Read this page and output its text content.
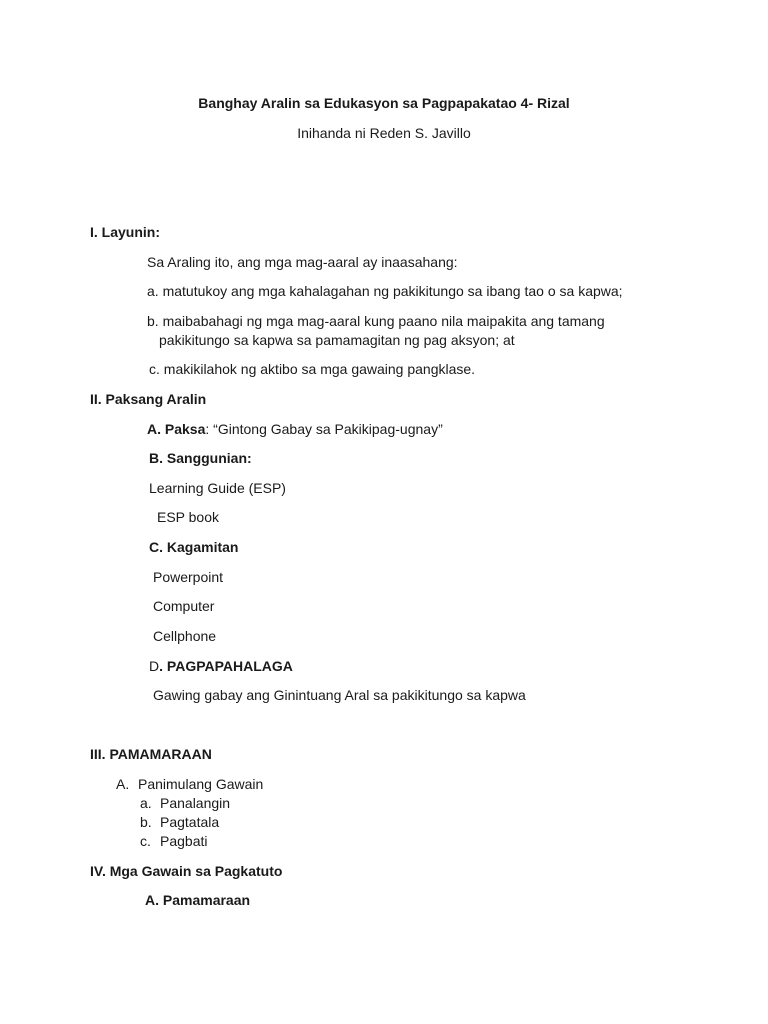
Banghay Aralin sa Edukasyon sa Pagpapakatao 4- Rizal
Inihanda ni Reden S. Javillo
I. Layunin:
Sa Araling ito, ang mga mag-aaral ay inaasahang:
a. matutukoy ang mga kahalagahan ng pakikitungo sa ibang tao o sa kapwa;
b. maibabahagi ng mga mag-aaral kung paano nila maipakita ang tamang
pakikitungo sa kapwa sa pamamagitan ng pag aksyon; at
c. makikilahok ng aktibo sa mga gawaing pangklase.
II. Paksang Aralin
A. Paksa: “Gintong Gabay sa Pakikipag-ugnay”
B. Sanggunian:
Learning Guide (ESP)
ESP book
C. Kagamitan
Powerpoint
Computer
Cellphone
D. PAGPAPAHALAGA
Gawing gabay ang Ginintuang Aral sa pakikitungo sa kapwa
III. PAMAMARAAN
A. Panimulang Gawain
a. Panalangin
b. Pagtatala
c. Pagbati
IV. Mga Gawain sa Pagkatuto
A. Pamamaraan
